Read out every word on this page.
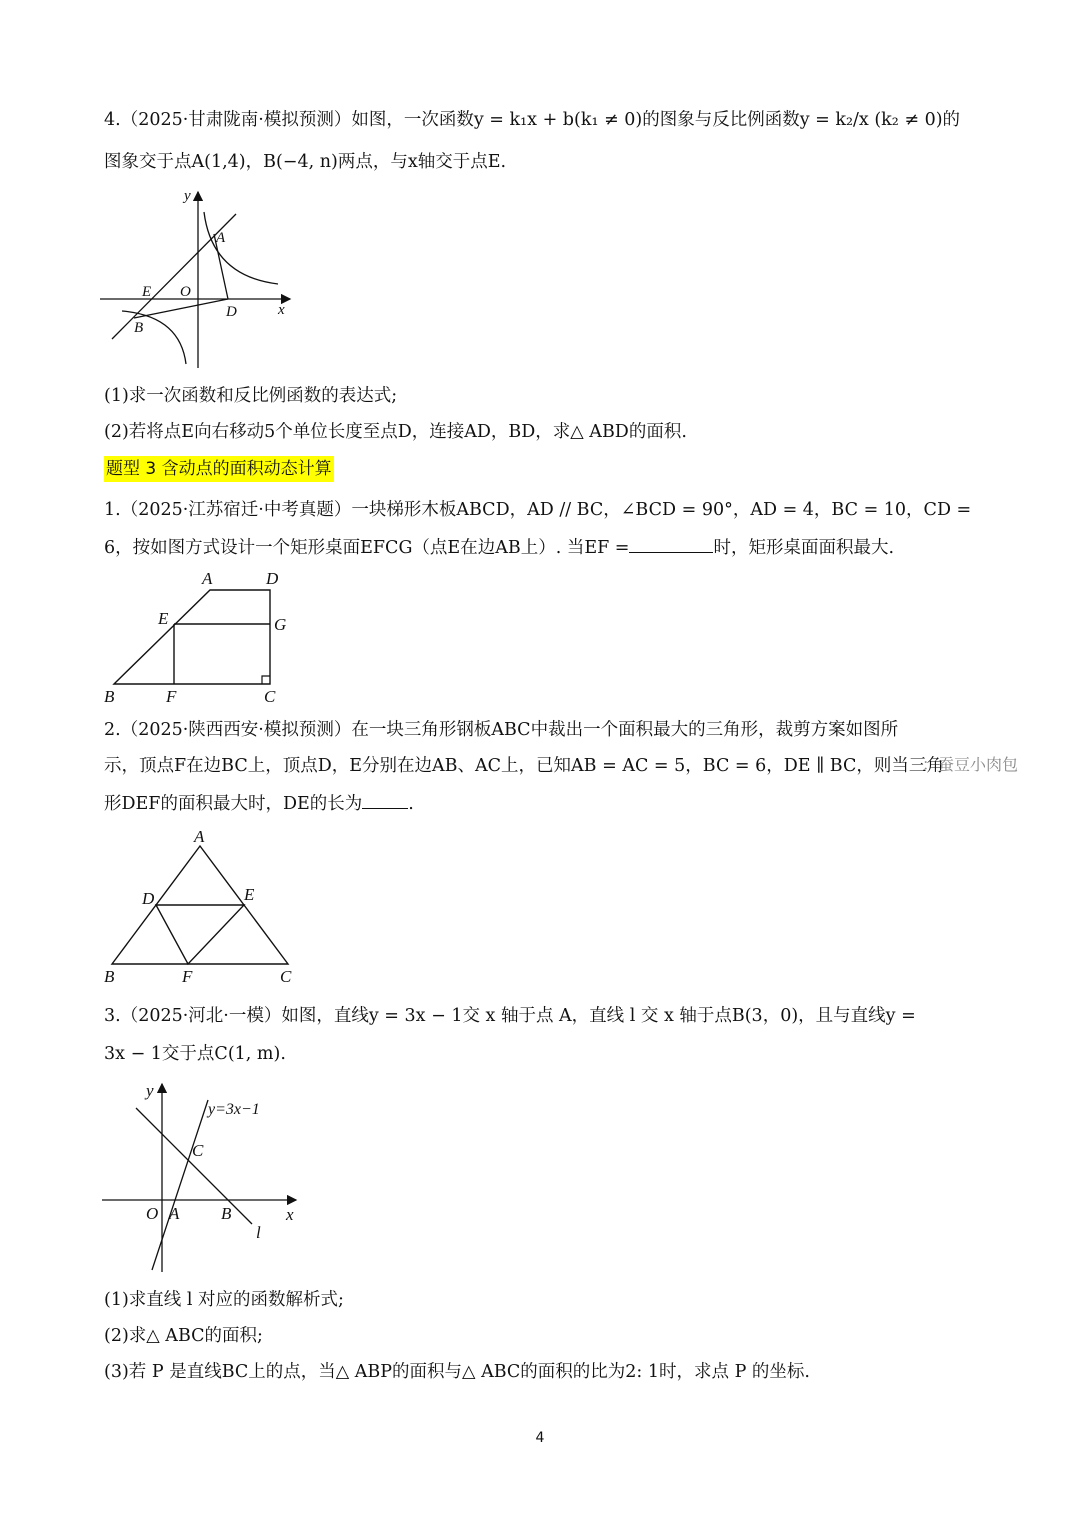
4.（2025·甘肃陇南·模拟预测）如图，一次函数y = k₁x + b(k₁ ≠ 0)的图象与反比例函数y = k₂/x (k₂ ≠ 0)的
图象交于点A(1,4)，B(−4, n)两点，与x轴交于点E.
y
A
E O
D	x
B
(1)求一次函数和反比例函数的表达式;
(2)若将点E向右移动5个单位长度至点D，连接AD，BD，求△ ABD的面积.
题型 3 含动点的面积动态计算
1.（2025·江苏宿迁·中考真题）一块梯形木板ABCD，AD // BC，∠BCD = 90°，AD = 4，BC = 10，CD =
6，按如图方式设计一个矩形桌面EFCG（点E在边AB上）. 当EF =	时，矩形桌面面积最大.
A	D
E	G
B	F	C
2.（2025·陕西西安·模拟预测）在一块三角形钢板ABC中裁出一个面积最大的三角形，裁剪方案如图所
示，顶点F在边BC上，顶点D，E分别在边AB、AC上，已知AB = AC = 5，BC = 6，DE ∥ BC，则当三角
：蚕豆小肉包
形DEF的面积最大时，DE的长为	.
A
D	E
B	F	C
3.（2025·河北·一模）如图，直线y = 3x − 1交 x 轴于点 A，直线 l 交 x 轴于点B(3，0)，且与直线y =
3x − 1交于点C(1, m).
y
y=3x−1
C
O A B	x
l
(1)求直线 l 对应的函数解析式;
(2)求△ ABC的面积;
(3)若 P 是直线BC上的点，当△ ABP的面积与△ ABC的面积的比为2: 1时，求点 P 的坐标.
4
